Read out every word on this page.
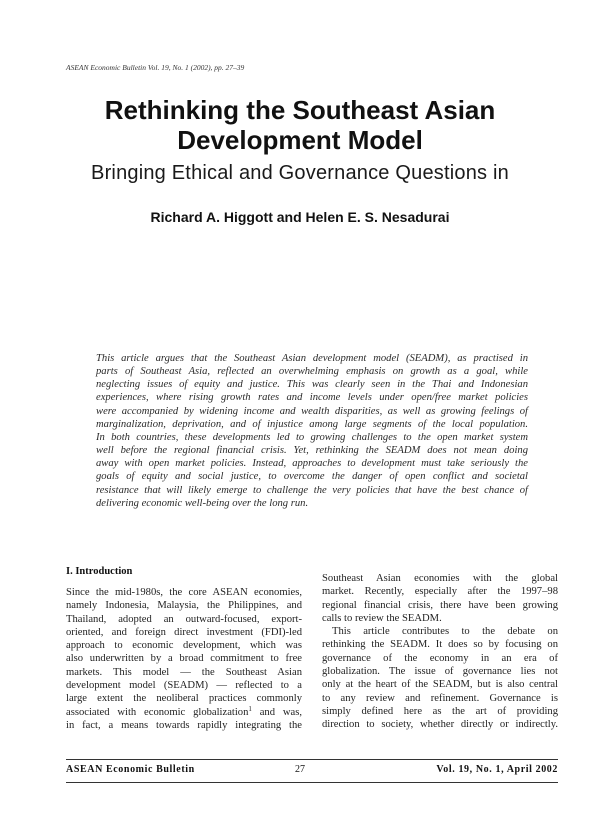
ASEAN Economic Bulletin Vol. 19, No. 1 (2002), pp. 27–39
Rethinking the Southeast Asian
Development Model
Bringing Ethical and Governance Questions in
Richard A. Higgott and Helen E. S. Nesadurai

This article argues that the Southeast Asian development model (SEADM), as practised in
parts of Southeast Asia, reflected an overwhelming emphasis on growth as a goal, while
neglecting issues of equity and justice. This was clearly seen in the Thai and Indonesian
experiences, where rising growth rates and income levels under open/free market policies
were accompanied by widening income and wealth disparities, as well as growing feelings of
marginalization, deprivation, and of injustice among large segments of the local population.
In both countries, these developments led to growing challenges to the open market system
well before the regional financial crisis. Yet, rethinking the SEADM does not mean doing
away with open market policies. Instead, approaches to development must take seriously the
goals of equity and social justice, to overcome the danger of open conflict and societal
resistance that will likely emerge to challenge the very policies that have the best chance of
delivering economic well-being over the long run.

I. Introduction

Since the mid-1980s, the core ASEAN economies,
namely Indonesia, Malaysia, the Philippines, and
Thailand, adopted an outward-focused, export-
oriented, and foreign direct investment (FDI)-led
approach to economic development, which was
also underwritten by a broad commitment to free
markets. This model — the Southeast Asian
development model (SEADM) — reflected to a
large extent the neoliberal practices commonly
associated with economic globalization$^1$ and was,
in fact, a means towards rapidly integrating the

Southeast Asian economies with the global
market. Recently, especially after the 1997–98
regional financial crisis, there have been growing
calls to review the SEADM.

This article contributes to the debate on
rethinking the SEADM. It does so by focusing on
governance of the economy in an era of
globalization. The issue of governance lies not
only at the heart of the SEADM, but is also central
to any review and refinement. Governance is
simply defined here as the art of providing
direction to society, whether directly or indirectly.

ASEAN Economic Bulletin	27	Vol. 19, No. 1, April 2002
